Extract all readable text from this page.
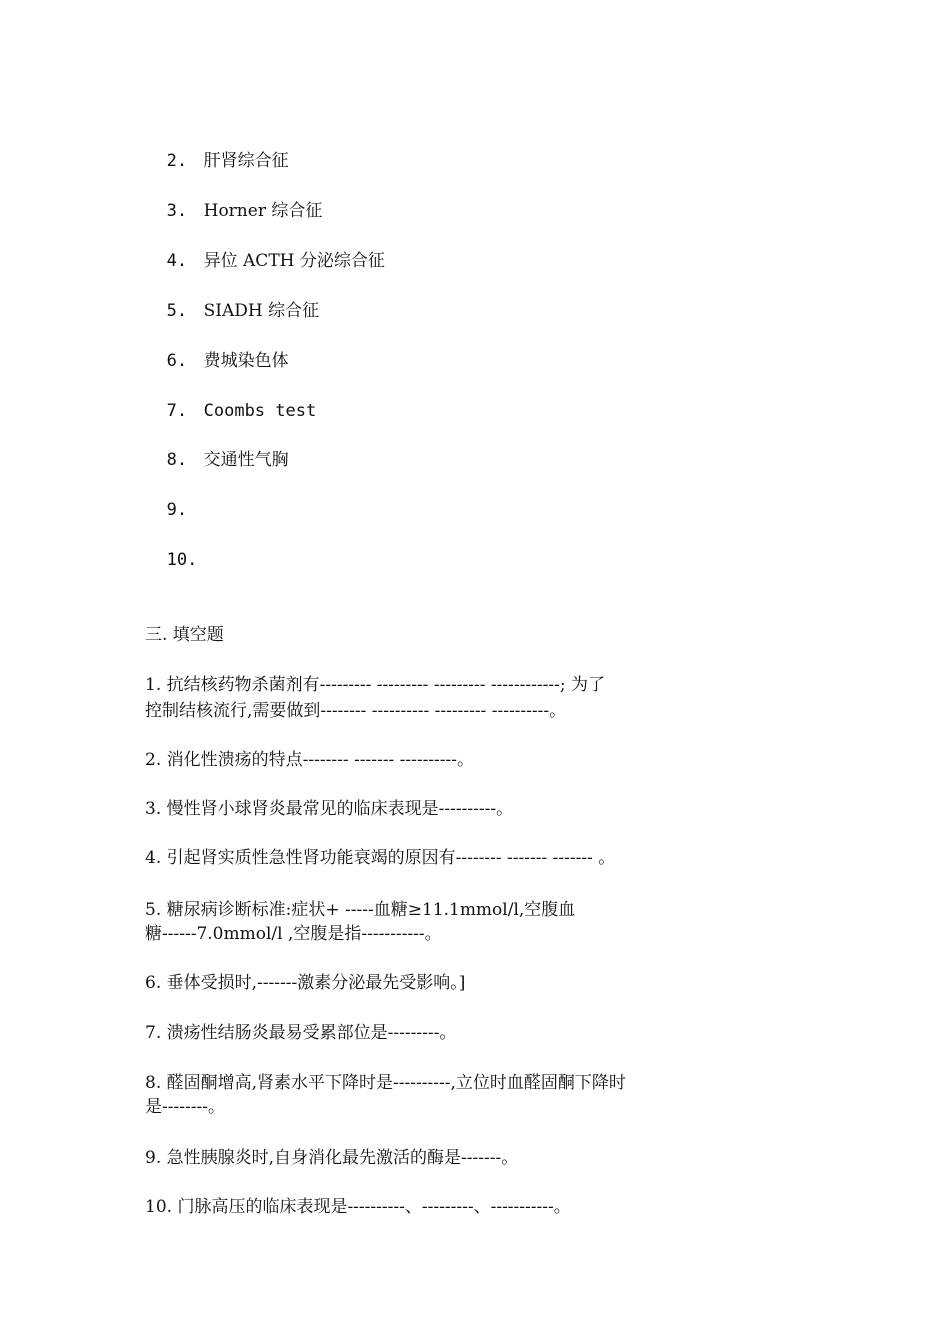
2. 肝肾综合征

3. Horner 综合征

4. 异位 ACTH 分泌综合征

5. SIADH 综合征

6. 费城染色体

7. Coombs test

8. 交通性气胸

9.

10.

三. 填空题
1. 抗结核药物杀菌剂有--------- --------- --------- ------------; 为了
控制结核流行,需要做到-------- ---------- --------- ----------。
2. 消化性溃疡的特点-------- ------- ----------。
3. 慢性肾小球肾炎最常见的临床表现是----------。
4. 引起肾实质性急性肾功能衰竭的原因有-------- ------- ------- 。
5. 糖尿病诊断标准:症状+ -----血糖≥11.1mmol/l,空腹血
糖------7.0mmol/l ,空腹是指-----------。
6. 垂体受损时,-------激素分泌最先受影响。]
7. 溃疡性结肠炎最易受累部位是---------。
8. 醛固酮增高,肾素水平下降时是----------,立位时血醛固酮下降时
是--------。
9. 急性胰腺炎时,自身消化最先激活的酶是-------。
10. 门脉高压的临床表现是----------、---------、-----------。
